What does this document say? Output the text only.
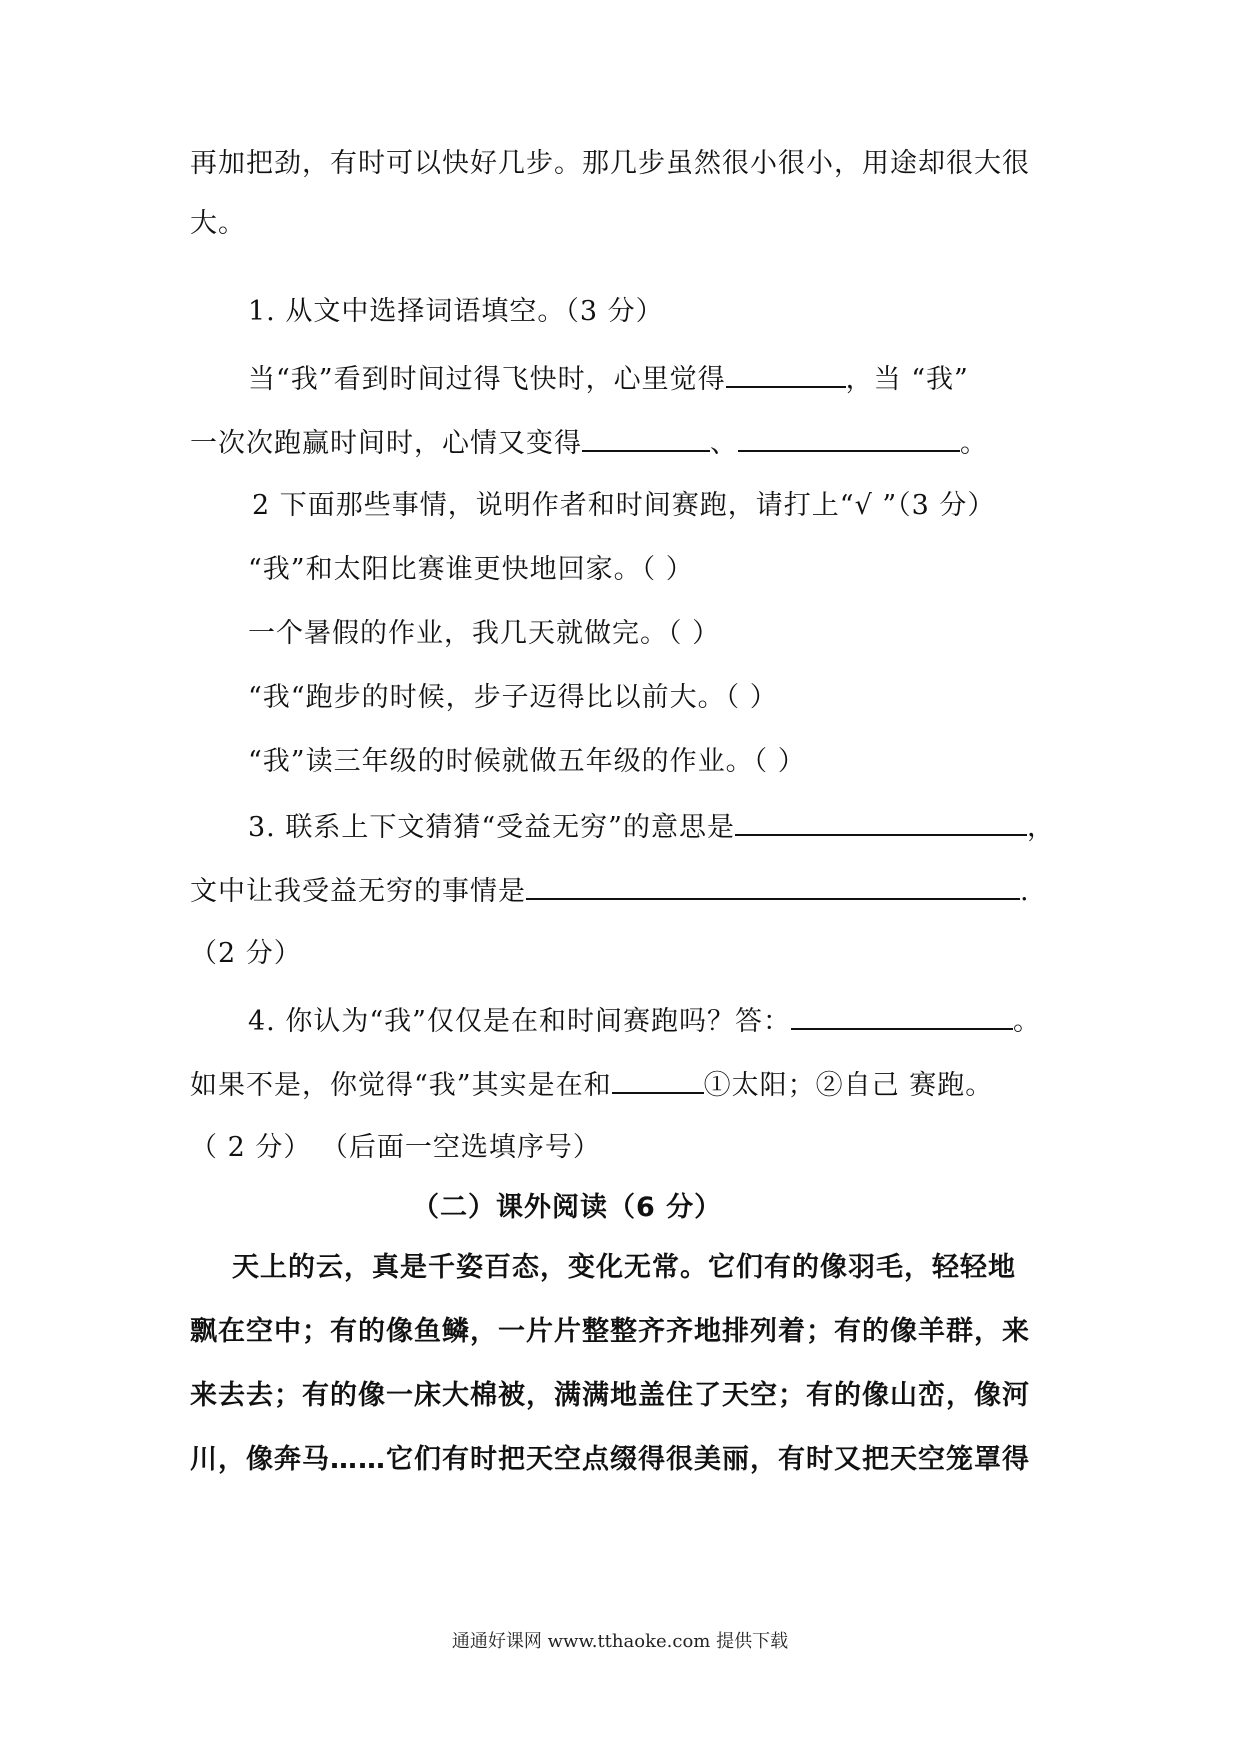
再加把劲，有时可以快好几步。那几步虽然很小很小，用途却很大很
大。
1. 从文中选择词语填空。（3 分）
当“我”看到时间过得飞快时，心里觉得	，当 “我”
一次次跑赢时间时，心情又变得	、	。
2 下面那些事情，说明作者和时间赛跑，请打上“√ ”（3 分）
“我”和太阳比赛谁更快地回家。（ ）
一个暑假的作业，我几天就做完。（ ）
“我“跑步的时候，步子迈得比以前大。（ ）
“我”读三年级的时候就做五年级的作业。（ ）
3. 联系上下文猜猜“受益无穷”的意思是	，
文中让我受益无穷的事情是	.
（2 分）
4. 你认为“我”仅仅是在和时间赛跑吗？答：	。
如果不是，你觉得“我”其实是在和	①太阳；②自己 赛跑。
（ 2 分） （后面一空选填序号）
（二）课外阅读（6 分）
天上的云，真是千姿百态，变化无常。它们有的像羽毛，轻轻地
飘在空中；有的像鱼鳞，一片片整整齐齐地排列着；有的像羊群，来
来去去；有的像一床大棉被，满满地盖住了天空；有的像山峦，像河
川，像奔马……它们有时把天空点缀得很美丽，有时又把天空笼罩得
通通好课网 www.tthaoke.com 提供下载
